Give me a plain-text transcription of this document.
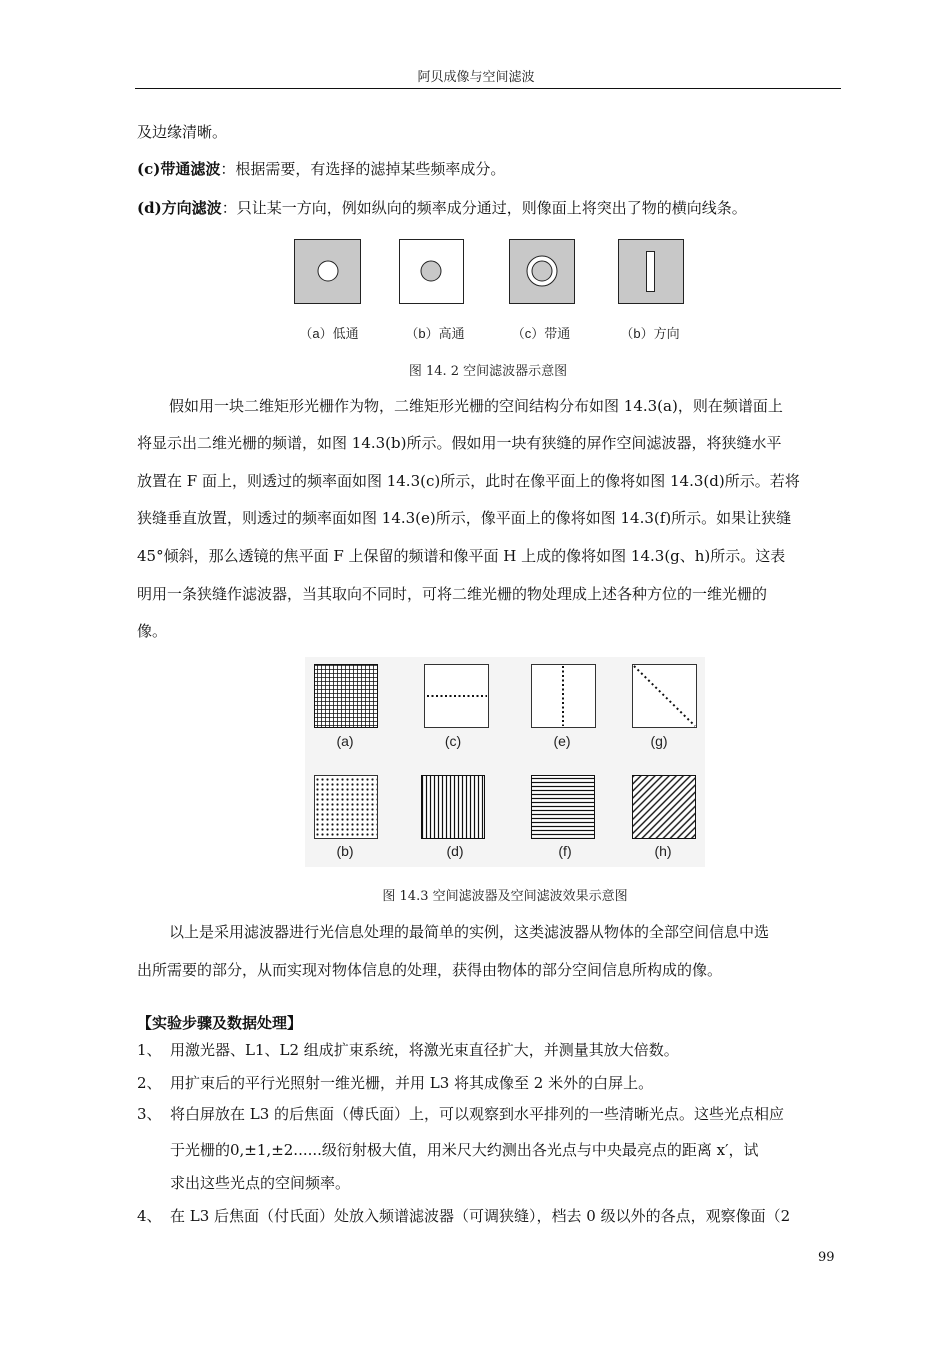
阿贝成像与空间滤波
及边缘清晰。
(c)带通滤波：根据需要，有选择的滤掉某些频率成分。
(d)方向滤波：只让某一方向，例如纵向的频率成分通过，则像面上将突出了物的横向线条。
（a）低通	（b）高通	（c）带通	（b）方向
图 14. 2 空间滤波器示意图
假如用一块二维矩形光栅作为物，二维矩形光栅的空间结构分布如图 14.3(a)，则在频谱面上
将显示出二维光栅的频谱，如图 14.3(b)所示。假如用一块有狭缝的屏作空间滤波器，将狭缝水平
放置在 F 面上，则透过的频率面如图 14.3(c)所示，此时在像平面上的像将如图 14.3(d)所示。若将
狭缝垂直放置，则透过的频率面如图 14.3(e)所示，像平面上的像将如图 14.3(f)所示。如果让狭缝
45°倾斜，那么透镜的焦平面 F 上保留的频谱和像平面 H 上成的像将如图 14.3(g、h)所示。这表
明用一条狭缝作滤波器，当其取向不同时，可将二维光栅的物处理成上述各种方位的一维光栅的
像。
(a)	(c)	(e)	(g)
(b)	(d)	(f)	(h)
图 14.3 空间滤波器及空间滤波效果示意图
以上是采用滤波器进行光信息处理的最简单的实例，这类滤波器从物体的全部空间信息中选
出所需要的部分，从而实现对物体信息的处理，获得由物体的部分空间信息所构成的像。
【实验步骤及数据处理】
1、 用激光器、L1、L2 组成扩束系统，将激光束直径扩大，并测量其放大倍数。
2、 用扩束后的平行光照射一维光栅，并用 L3 将其成像至 2 米外的白屏上。
3、 将白屏放在 L3 的后焦面（傅氏面）上，可以观察到水平排列的一些清晰光点。这些光点相应
于光栅的0,±1,±2......级衍射极大值，用米尺大约测出各光点与中央最亮点的距离 x′，试
求出这些光点的空间频率。
4、 在 L3 后焦面（付氏面）处放入频谱滤波器（可调狭缝），档去 0 级以外的各点，观察像面（2
99
